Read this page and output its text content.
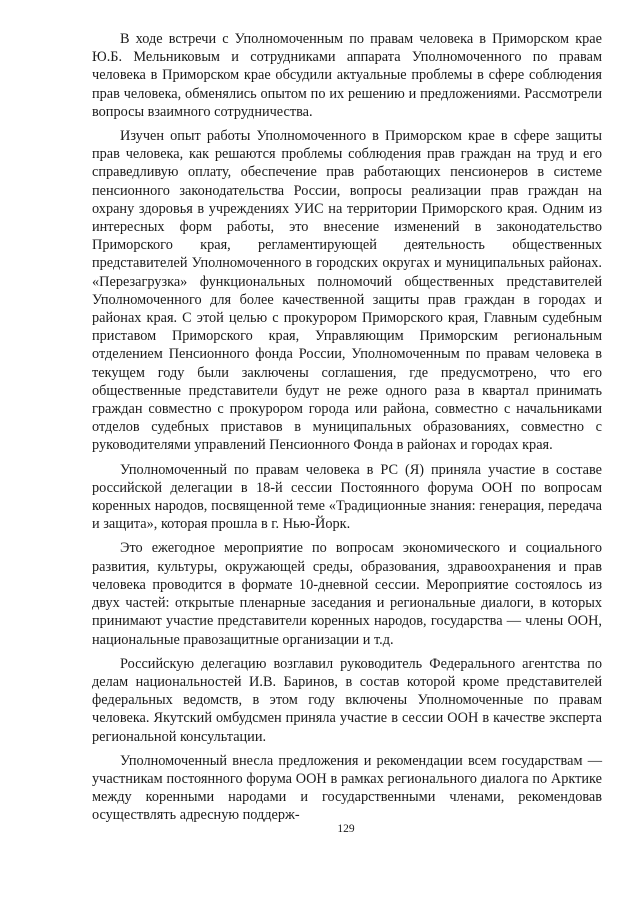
В ходе встречи с Уполномоченным по правам человека в Приморском крае Ю.Б. Мельниковым и сотрудниками аппарата Уполномоченного по правам человека в Приморском крае обсудили актуальные проблемы в сфере соблюдения прав человека, обменялись опытом по их решению и предложениями. Рассмотрели вопросы взаимного сотрудничества.

Изучен опыт работы Уполномоченного в Приморском крае в сфере защиты прав человека, как решаются проблемы соблюдения прав граждан на труд и его справедливую оплату, обеспечение прав работающих пенсионеров в системе пенсионного законодательства России, вопросы реализации прав граждан на охрану здоровья в учреждениях УИС на территории Приморского края. Одним из интересных форм работы, это внесение изменений в законодательство Приморского края, регламентирующей деятельность общественных представителей Уполномоченного в городских округах и муниципальных районах. «Перезагрузка» функциональных полномочий общественных представителей Уполномоченного для более качественной защиты прав граждан в городах и районах края. С этой целью с прокурором Приморского края, Главным судебным приставом Приморского края, Управляющим Приморским региональным отделением Пенсионного фонда России, Уполномоченным по правам человека в текущем году были заключены соглашения, где предусмотрено, что его общественные представители будут не реже одного раза в квартал принимать граждан совместно с прокурором города или района, совместно с начальниками отделов судебных приставов в муниципальных образованиях, совместно с руководителями управлений Пенсионного Фонда в районах и городах края.

Уполномоченный по правам человека в РС (Я) приняла участие в составе российской делегации в 18-й сессии Постоянного форума ООН по вопросам коренных народов, посвященной теме «Традиционные знания: генерация, передача и защита», которая прошла в г. Нью-Йорк.

Это ежегодное мероприятие по вопросам экономического и социального развития, культуры, окружающей среды, образования, здравоохранения и прав человека проводится в формате 10-дневной сессии. Мероприятие состоялось из двух частей: открытые пленарные заседания и региональные диалоги, в которых принимают участие представители коренных народов, государства — члены ООН, национальные правозащитные организации и т.д.

Российскую делегацию возглавил руководитель Федерального агентства по делам национальностей И.В. Баринов, в состав которой кроме представителей федеральных ведомств, в этом году включены Уполномоченные по правам человека. Якутский омбудсмен приняла участие в сессии ООН в качестве эксперта региональной консультации.

Уполномоченный внесла предложения и рекомендации всем государствам — участникам постоянного форума ООН в рамках регионального диалога по Арктике между коренными народами и государственными членами, рекомендовав осуществлять адресную поддерж-

129
